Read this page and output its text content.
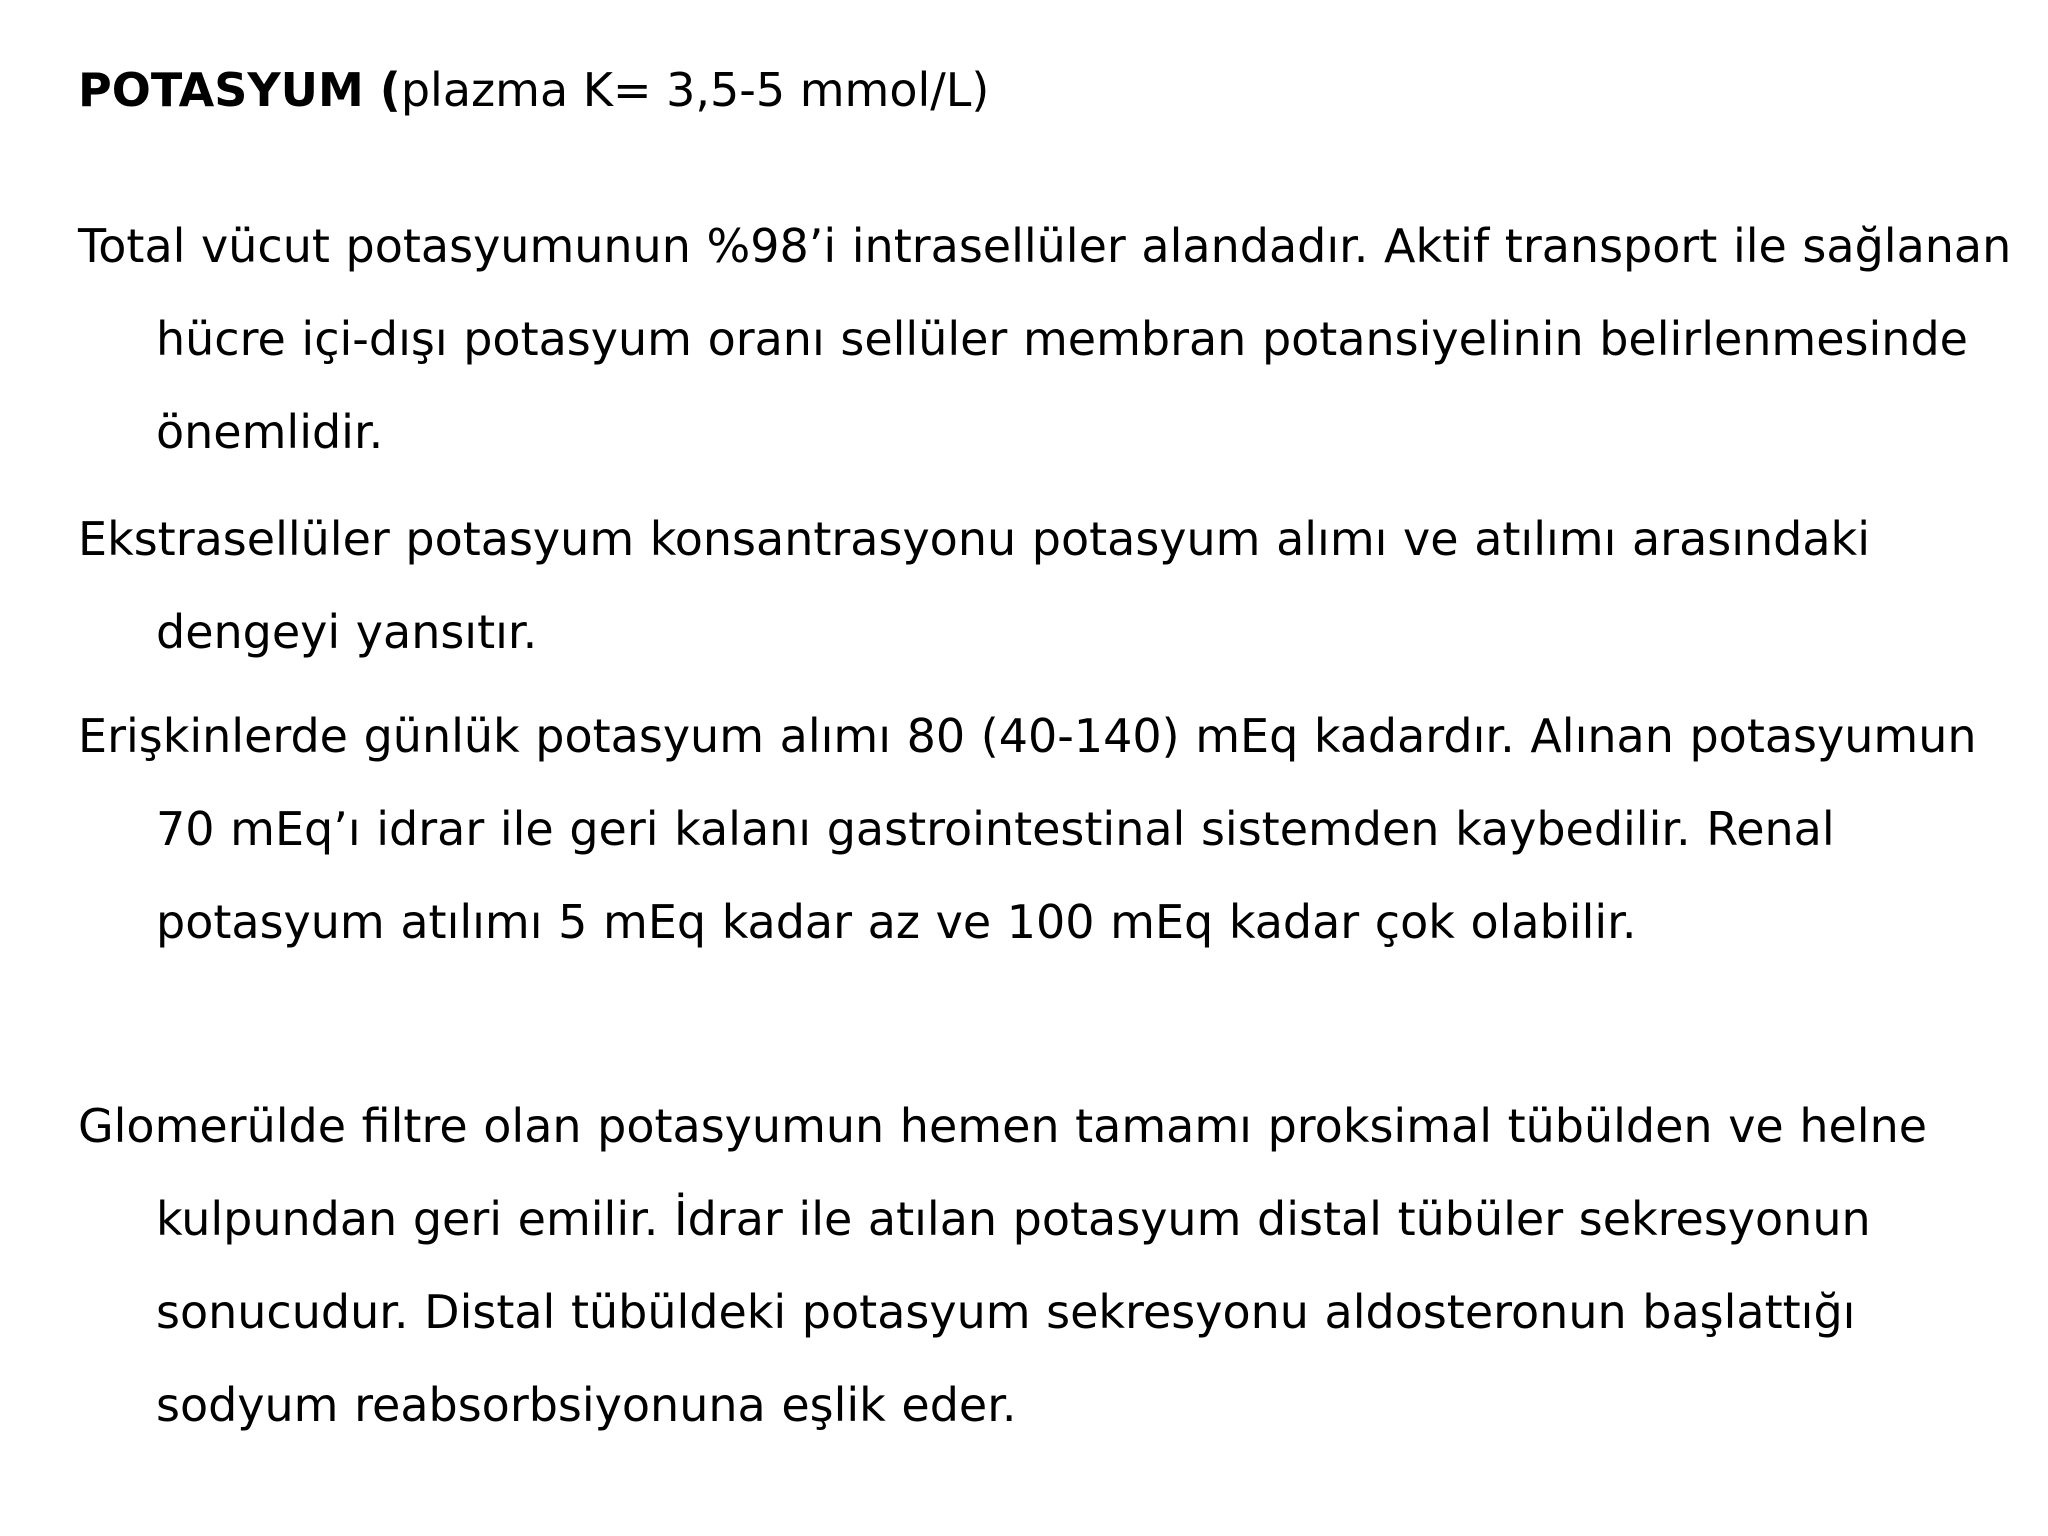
POTASYUM (plazma K= 3,5-5 mmol/L)

Total vücut potasyumunun %98’i intrasellüler alandadır. Aktif transport ile sağlanan hücre içi-dışı potasyum oranı sellüler membran potansiyelinin belirlenmesinde önemlidir.

Ekstrasellüler potasyum konsantrasyonu potasyum alımı ve atılımı arasındaki dengeyi yansıtır.

Erişkinlerde günlük potasyum alımı 80 (40-140) mEq kadardır. Alınan potasyumun 70 mEq’ı idrar ile geri kalanı gastrointestinal sistemden kaybedilir. Renal potasyum atılımı 5 mEq kadar az ve 100 mEq kadar çok olabilir.

Glomerülde filtre olan potasyumun hemen tamamı proksimal tübülden ve helne kulpundan geri emilir. İdrar ile atılan potasyum distal tübüler sekresyonun sonucudur. Distal tübüldeki potasyum sekresyonu aldosteronun başlattığı sodyum reabsorbsiyonuna eşlik eder.
